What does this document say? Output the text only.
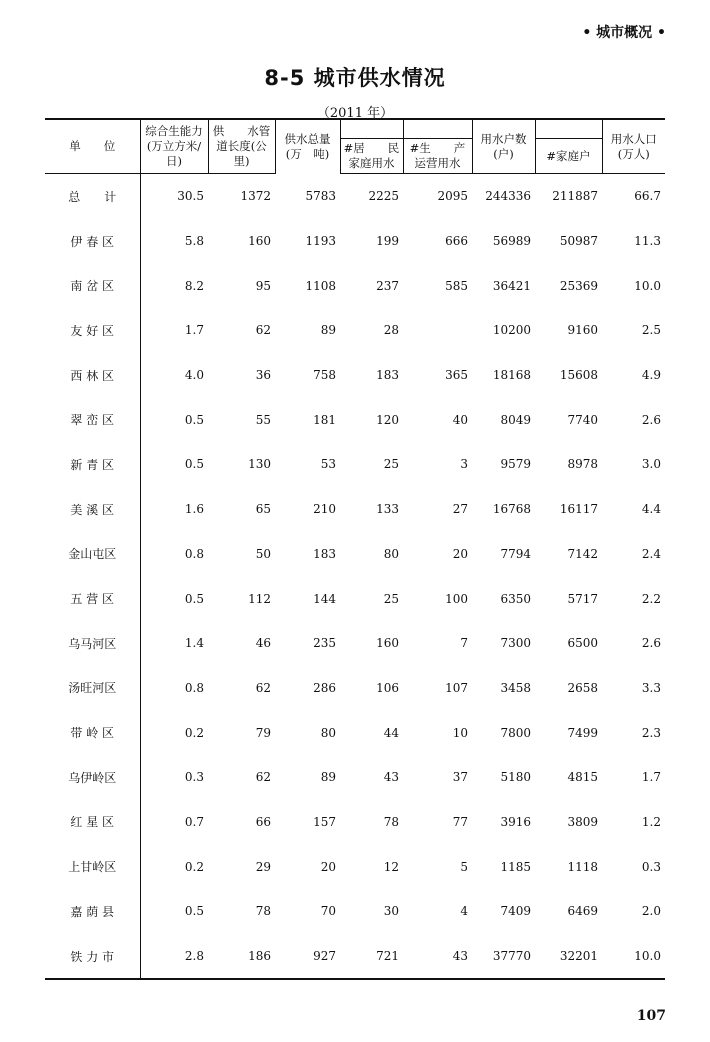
• 城市概况 •
8-5 城市供水情况
（2011 年）
单　　位	综合生能力(万立方米/日)	供　　水管道长度(公　里)	供水总量(万　吨)			用水户数(户)		用水人口(万人)
				#居　　民家庭用水	#生　　产运营用水		#家庭户	
总　　计	30.5	1372	5783	2225	2095	244336	211887	66.7
伊 春 区	5.8	160	1193	199	666	56989	50987	11.3
南 岔 区	8.2	95	1108	237	585	36421	25369	10.0
友 好 区	1.7	62	89	28		10200	9160	2.5
西 林 区	4.0	36	758	183	365	18168	15608	4.9
翠 峦 区	0.5	55	181	120	40	8049	7740	2.6
新 青 区	0.5	130	53	25	3	9579	8978	3.0
美 溪 区	1.6	65	210	133	27	16768	16117	4.4
金山屯区	0.8	50	183	80	20	7794	7142	2.4
五 营 区	0.5	112	144	25	100	6350	5717	2.2
乌马河区	1.4	46	235	160	7	7300	6500	2.6
汤旺河区	0.8	62	286	106	107	3458	2658	3.3
带 岭 区	0.2	79	80	44	10	7800	7499	2.3
乌伊岭区	0.3	62	89	43	37	5180	4815	1.7
红 星 区	0.7	66	157	78	77	3916	3809	1.2
上甘岭区	0.2	29	20	12	5	1185	1118	0.3
嘉 荫 县	0.5	78	70	30	4	7409	6469	2.0
铁 力 市	2.8	186	927	721	43	37770	32201	10.0
107
